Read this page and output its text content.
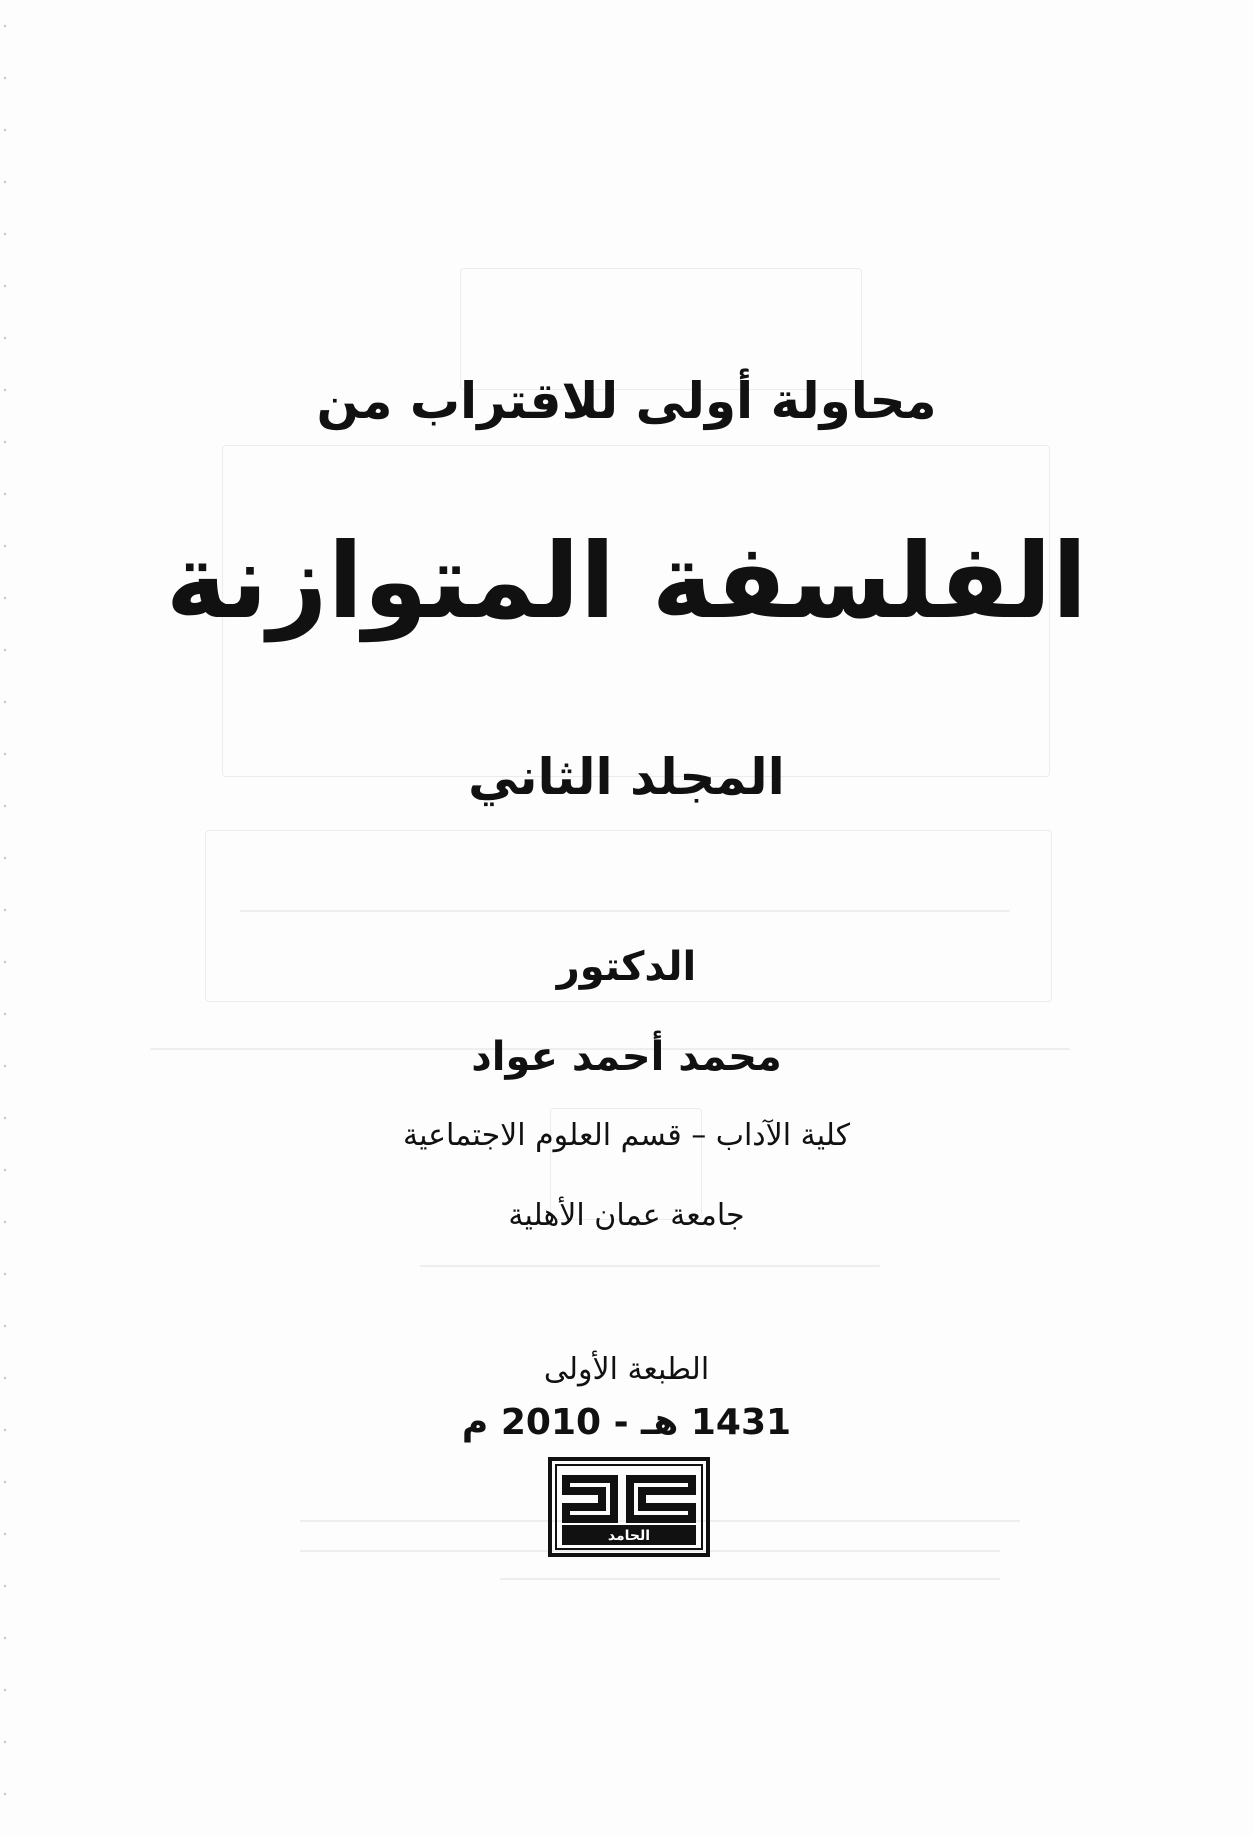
محاولة أولى للاقتراب من
الفلسفة المتوازنة
المجلد الثاني
الدكتور
محمد أحمد عواد
كلية الآداب – قسم العلوم الاجتماعية
جامعة عمان الأهلية
الطبعة الأولى
1431 هـ - 2010 م
الحامد
